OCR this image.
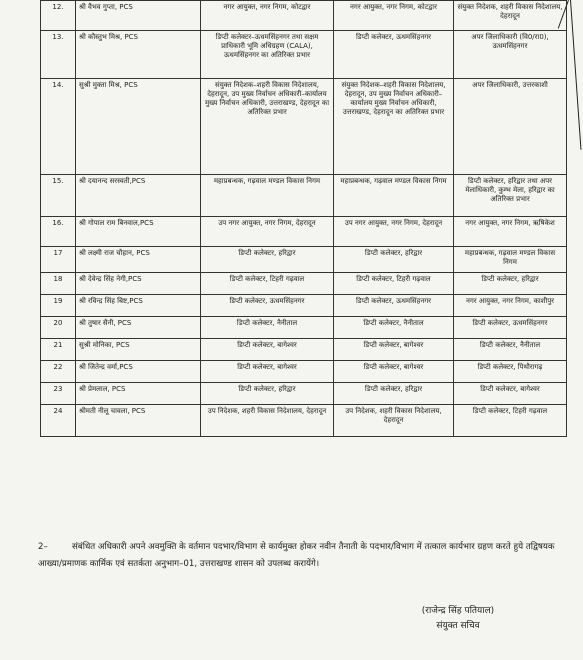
12.	श्री वैभव गुप्ता, PCS	नगर आयुक्त, नगर निगम, कोटद्वार	नगर आयुक्त, नगर निगम, कोटद्वार	संयुक्त निदेशक, शहरी विकास निदेशालय, देहरादून
13.	श्री कौस्तुभ मिश्र, PCS	डिप्टी कलेक्टर–ऊधमसिंहनगर तथा सक्षम प्राधिकारी भूमि अधिग्रहण (CALA), ऊधमसिंहनगर का अतिरिक्त प्रभार	डिप्टी कलेक्टर, ऊधमसिंहनगर	अपर जिलाधिकारी (वि0/रा0), ऊधमसिंहनगर
14.	सुश्री मुक्ता मिश्र, PCS	संयुक्त निदेशक–शहरी विकास निदेशालय, देहरादून, उप मुख्य निर्वाचन अधिकारी–कार्यालय मुख्य निर्वाचन अधिकारी, उत्तराखण्ड, देहरादून का अतिरिक्त प्रभार	संयुक्त निदेशक–शहरी विकास निदेशालय, देहरादून, उप मुख्य निर्वाचन अधिकारी–कार्यालय मुख्य निर्वाचन अधिकारी, उत्तराखण्ड, देहरादून का अतिरिक्त प्रभार	अपर जिलाधिकारी, उत्तरकाशी
15.	श्री दयानन्द सरस्वती,PCS	महाप्रबन्धक, गढ़वाल मण्डल विकास निगम	महाप्रबन्धक, गढ़वाल मण्डल विकास निगम	डिप्टी कलेक्टर, हरिद्वार तथा अपर मेलाधिकारी, कुम्भ मेला, हरिद्वार का अतिरिक्त प्रभार
16.	श्री गोपाल राम बिनवाल,PCS	उप नगर आयुक्त, नगर निगम, देहरादून	उप नगर आयुक्त, नगर निगम, देहरादून	नगर आयुक्त, नगर निगम, ऋषिकेश
17	श्री लक्ष्मी राज चौहान, PCS	डिप्टी कलेक्टर, हरिद्वार	डिप्टी कलेक्टर, हरिद्वार	महाप्रबन्धक, गढ़वाल मण्डल विकास निगम
18	श्री देवेन्द्र सिंह नेगी,PCS	डिप्टी कलेक्टर, टिहरी गढ़वाल	डिप्टी कलेक्टर, टिहरी गढ़वाल	डिप्टी कलेक्टर, हरिद्वार
19	श्री रविन्द्र सिंह बिष्ट,PCS	डिप्टी कलेक्टर, ऊधमसिंहनगर	डिप्टी कलेक्टर, ऊधमसिंहनगर	नगर आयुक्त, नगर निगम, काशीपुर
20	श्री तुषार सैनी, PCS	डिप्टी कलेक्टर, नैनीताल	डिप्टी कलेक्टर, नैनीताल	डिप्टी कलेक्टर, ऊधमसिंहनगर
21	सुश्री मोनिका, PCS	डिप्टी कलेक्टर, बागेश्वर	डिप्टी कलेक्टर, बागेश्वर	डिप्टी कलेक्टर, नैनीताल
22	श्री जितेन्द्र वर्मा,PCS	डिप्टी कलेक्टर, बागेश्वर	डिप्टी कलेक्टर, बागेश्वर	डिप्टी कलेक्टर, पिथौरागढ़
23	श्री प्रेमलाल, PCS	डिप्टी कलेक्टर, हरिद्वार	डिप्टी कलेक्टर, हरिद्वार	डिप्टी कलेक्टर, बागेश्वर
24	श्रीमती नीलू चावला, PCS	उप निदेशक, शहरी विकास निदेशालय, देहरादून	उप निदेशक, शहरी विकास निदेशालय, देहरादून	डिप्टी कलेक्टर, टिहरी गढ़वाल
2–	संबंधित अधिकारी अपने अवमुक्ति के वर्तमान पदभार/विभाग से कार्यमुक्त होकर नवीन तैनाती के पदभार/विभाग में तत्काल कार्यभार ग्रहण करते हुये तद्विषयक आख्या/प्रमाणक कार्मिक एवं सतर्कता अनुभाग–01, उत्तराखण्ड शासन को उपलब्ध करायेंगे।
(राजेन्द्र सिंह पतियाल)
संयुक्त सचिव
